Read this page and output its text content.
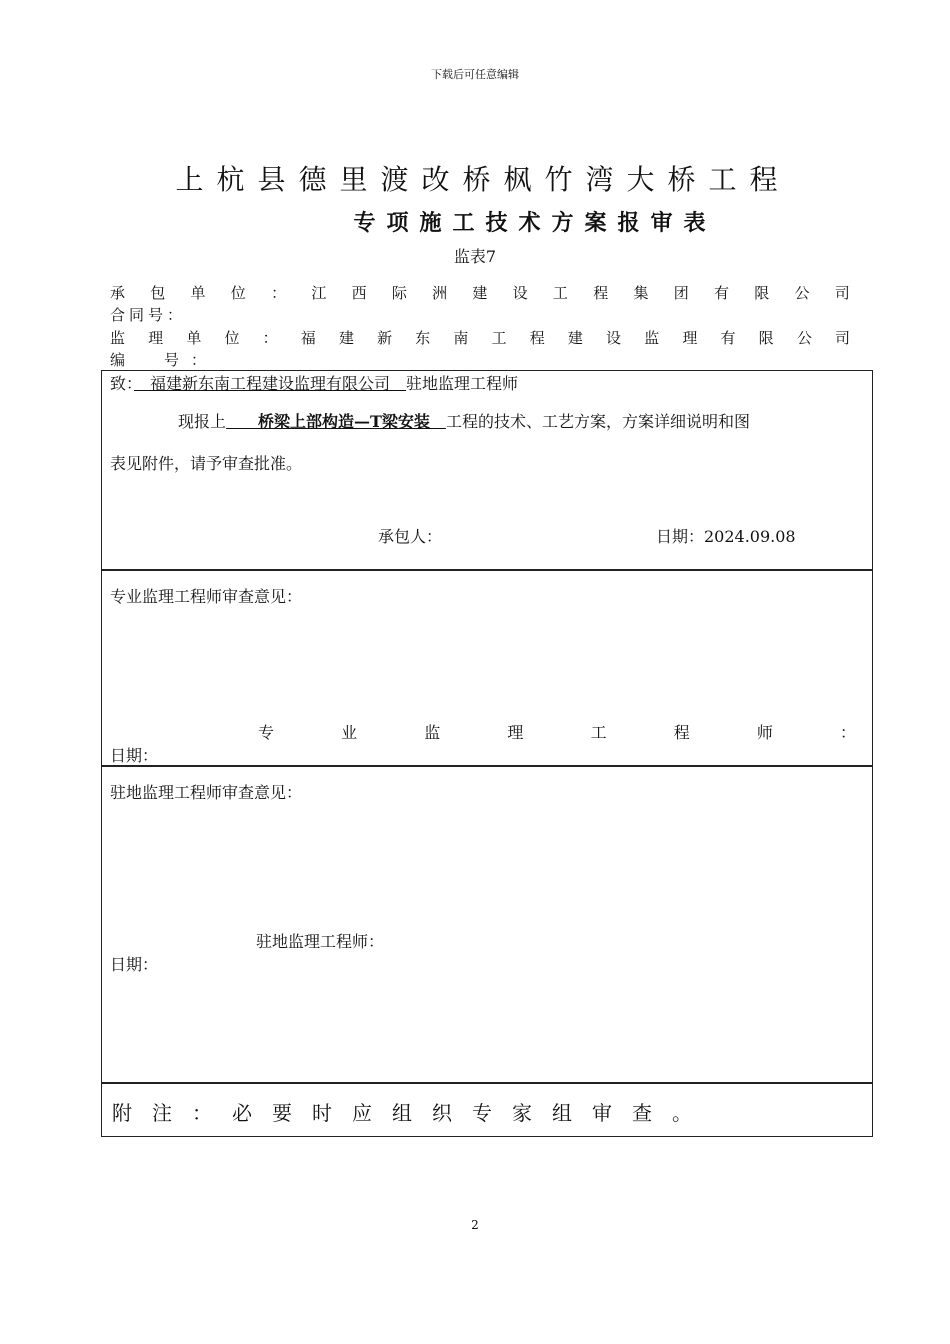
下载后可任意编辑
上杭县德里渡改桥枫竹湾大桥工程
专项施工技术方案报审表
监表7
承 包 单 位 ： 江 西 际 洲 建 设 工 程 集 团 有 限 公 司
合同号：
监 理 单 位 ： 福 建 新 东 南 工 程 建 设 监 理 有 限 公 司
编　号：
致：　福建新东南工程建设监理有限公司　驻地监理工程师
现报上　　桥梁上部构造—T梁安装　工程的技术、工艺方案，方案详细说明和图
表见附件，请予审查批准。
承包人：	日期：2024.09.08
专业监理工程师审查意见：
专	业	监	理	工	程	师	：
日期：
驻地监理工程师审查意见：
驻地监理工程师：
日期：
附注：必要时应组织专家组审查。
2
